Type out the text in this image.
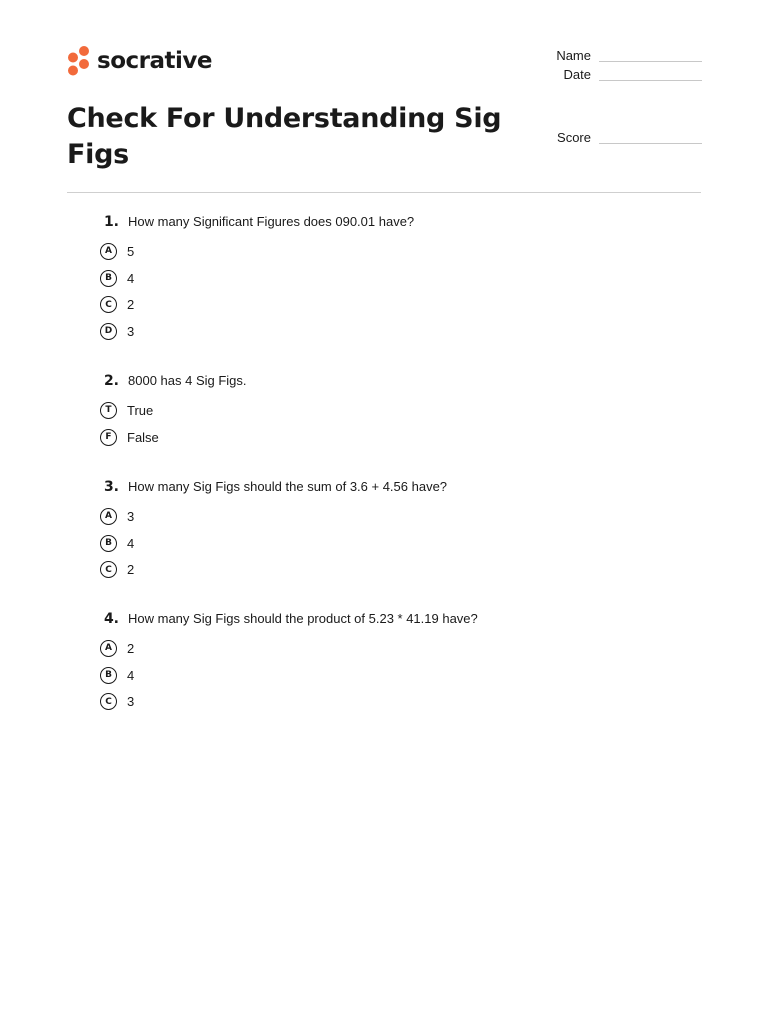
socrative	Name
Date
Score
Check For Understanding Sig Figs
1. How many Significant Figures does 090.01 have?
A	5
B	4
C	2
D	3
2. 8000 has 4 Sig Figs.
T	True
F	False
3. How many Sig Figs should the sum of 3.6 + 4.56 have?
A	3
B	4
C	2
4. How many Sig Figs should the product of 5.23 * 41.19 have?
A	2
B	4
C	3
